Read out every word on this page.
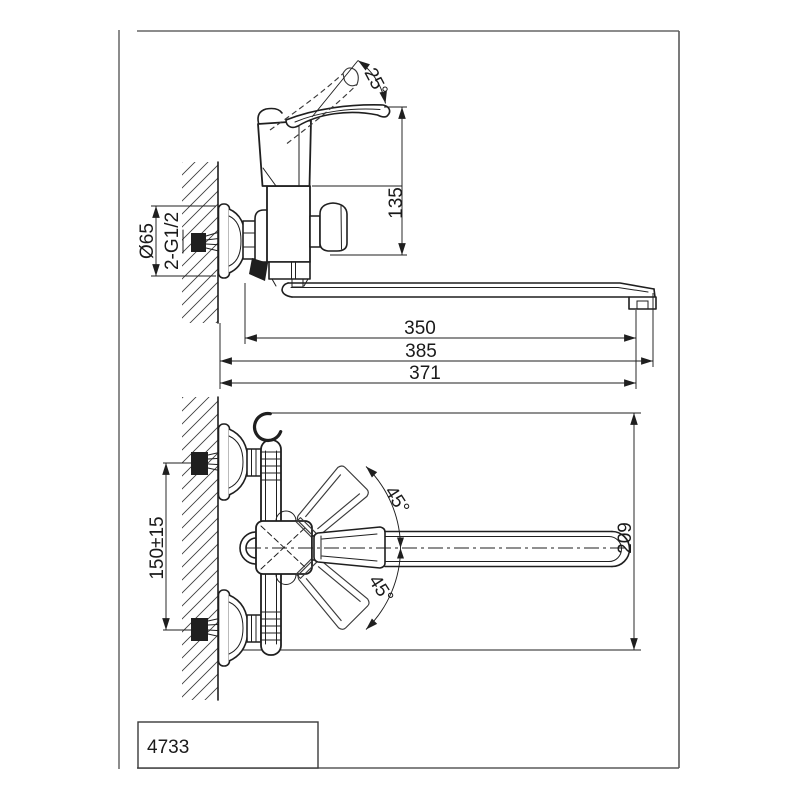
25°
135
Ø65 2-G1/2
350
385
371
45°
45°
209
150±15
4733
